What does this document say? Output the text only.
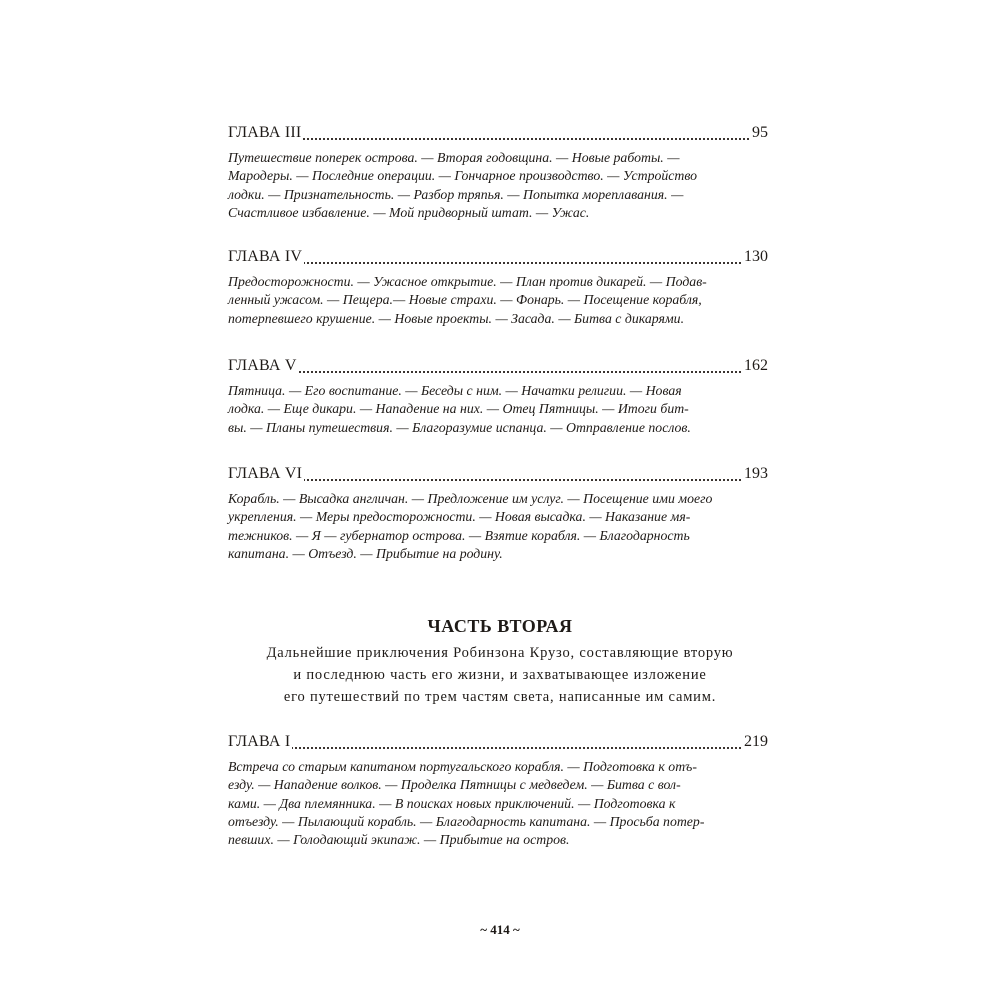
ГЛАВА III	95
Путешествие поперек острова. — Вторая годовщина. — Новые работы. —
Мародеры. — Последние операции. — Гончарное производство. — Устройство
лодки. — Признательность. — Разбор тряпья. — Попытка мореплавания. —
Счастливое избавление. — Мой придворный штат. — Ужас.
ГЛАВА IV	130
Предосторожности. — Ужасное открытие. — План против дикарей. — Подав-
ленный ужасом. — Пещера.— Новые страхи. — Фонарь. — Посещение корабля,
потерпевшего крушение. — Новые проекты. — Засада. — Битва с дикарями.
ГЛАВА V	162
Пятница. — Его воспитание. — Беседы с ним. — Начатки религии. — Новая
лодка. — Еще дикари. — Нападение на них. — Отец Пятницы. — Итоги бит-
вы. — Планы путешествия. — Благоразумие испанца. — Отправление послов.
ГЛАВА VI	193
Корабль. — Высадка англичан. — Предложение им услуг. — Посещение ими моего
укрепления. — Меры предосторожности. — Новая высадка. — Наказание мя-
тежников. — Я — губернатор острова. — Взятие корабля. — Благодарность
капитана. — Отъезд. — Прибытие на родину.
ЧАСТЬ ВТОРАЯ
Дальнейшие приключения Робинзона Крузо, составляющие вторую
и последнюю часть его жизни, и захватывающее изложение
его путешествий по трем частям света, написанные им самим.
ГЛАВА I	219
Встреча со старым капитаном португальского корабля. — Подготовка к отъ-
езду. — Нападение волков. — Проделка Пятницы с медведем. — Битва с вол-
ками. — Два племянника. — В поисках новых приключений. — Подготовка к
отъезду. — Пылающий корабль. — Благодарность капитана. — Просьба потер-
певших. — Голодающий экипаж. — Прибытие на остров.
~ 414 ~
